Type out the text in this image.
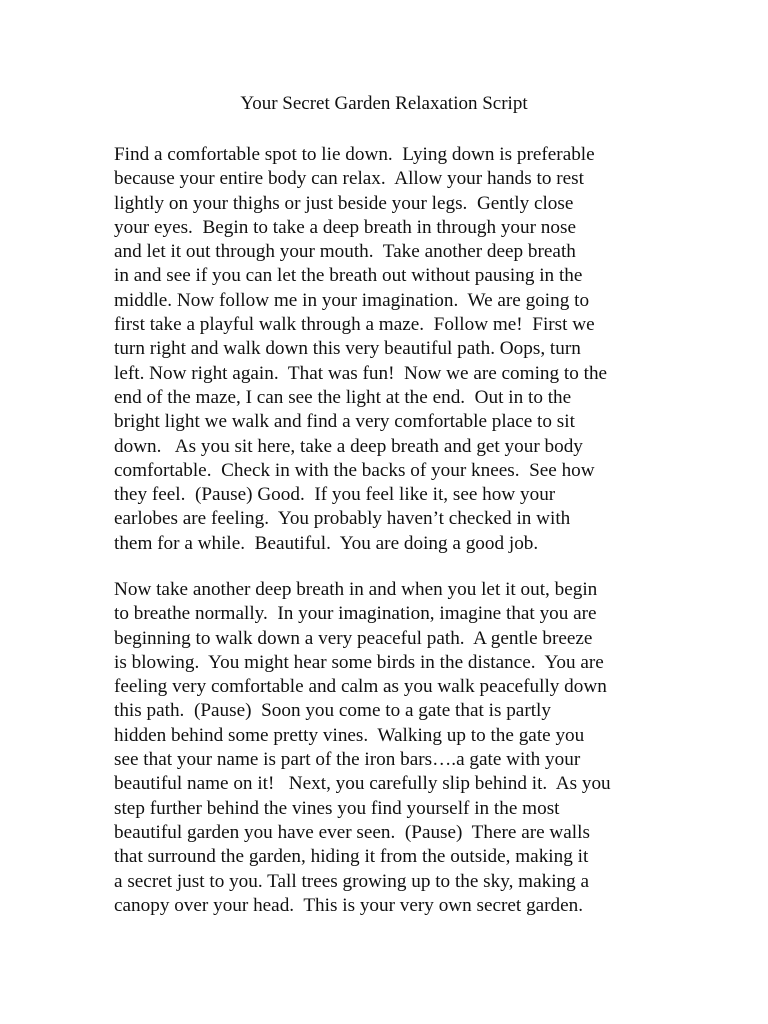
Your Secret Garden Relaxation Script
Find a comfortable spot to lie down.  Lying down is preferable
because your entire body can relax.  Allow your hands to rest
lightly on your thighs or just beside your legs.  Gently close
your eyes.  Begin to take a deep breath in through your nose
and let it out through your mouth.  Take another deep breath
in and see if you can let the breath out without pausing in the
middle. Now follow me in your imagination.  We are going to
first take a playful walk through a maze.  Follow me!  First we
turn right and walk down this very beautiful path. Oops, turn
left. Now right again.  That was fun!  Now we are coming to the
end of the maze, I can see the light at the end.  Out in to the
bright light we walk and find a very comfortable place to sit
down.   As you sit here, take a deep breath and get your body
comfortable.  Check in with the backs of your knees.  See how
they feel.  (Pause) Good.  If you feel like it, see how your
earlobes are feeling.  You probably haven’t checked in with
them for a while.  Beautiful.  You are doing a good job.
Now take another deep breath in and when you let it out, begin
to breathe normally.  In your imagination, imagine that you are
beginning to walk down a very peaceful path.  A gentle breeze
is blowing.  You might hear some birds in the distance.  You are
feeling very comfortable and calm as you walk peacefully down
this path.  (Pause)  Soon you come to a gate that is partly
hidden behind some pretty vines.  Walking up to the gate you
see that your name is part of the iron bars….a gate with your
beautiful name on it!   Next, you carefully slip behind it.  As you
step further behind the vines you find yourself in the most
beautiful garden you have ever seen.  (Pause)  There are walls
that surround the garden, hiding it from the outside, making it
a secret just to you. Tall trees growing up to the sky, making a
canopy over your head.  This is your very own secret garden.
